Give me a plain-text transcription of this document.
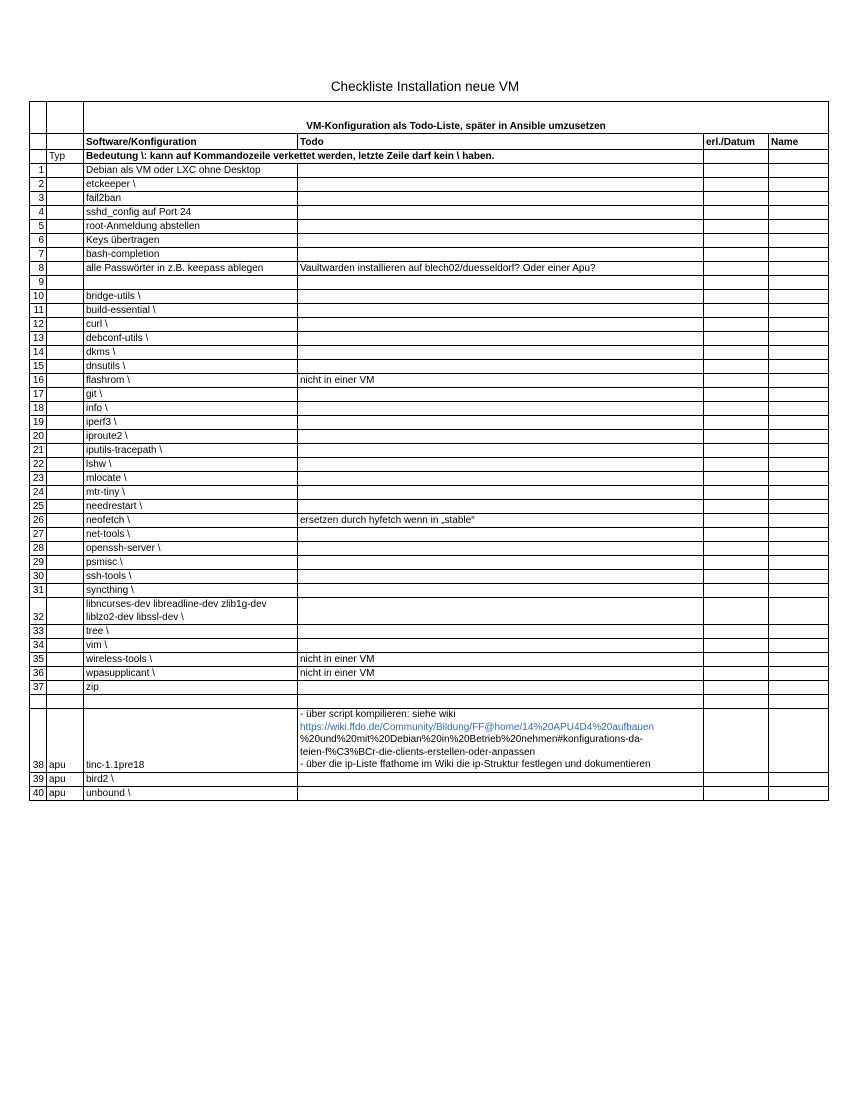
Checkliste Installation neue VM
		VM-Konfiguration als Todo-Liste, später in Ansible umzusetzen			
		Software/Konfiguration	Todo	erl./Datum	Name
	Typ	Bedeutung \: kann auf Kommandozeile verkettet werden, letzte Zeile darf kein \ haben.			
1		Debian als VM oder LXC ohne Desktop			
2		etckeeper \			
3		fail2ban			
4		sshd_config auf Port 24			
5		root-Anmeldung abstellen			
6		Keys übertragen			
7		bash-completion			
8		alle Passwörter in z.B. keepass ablegen	Vaultwarden installieren auf blech02/duesseldorf? Oder einer Apu?		
9					
10		bridge-utils \			
11		build-essential \			
12		curl \			
13		debconf-utils \			
14		dkms \			
15		dnsutils \			
16		flashrom \	nicht in einer VM		
17		git \			
18		info \			
19		iperf3 \			
20		iproute2 \			
21		iputils-tracepath \			
22		lshw \			
23		mlocate \			
24		mtr-tiny \			
25		needrestart \			
26		neofetch \	ersetzen durch hyfetch wenn in „stable“		
27		net-tools \			
28		openssh-server \			
29		psmisc \			
30		ssh-tools \			
31		syncthing \			
32		libncurses-dev libreadline-dev zlib1g-dev liblzo2-dev libssl-dev \			
33		tree \			
34		vim \			
35		wireless-tools \	nicht in einer VM		
36		wpasupplicant \	nicht in einer VM		
37		zip			

38	apu	tinc-1.1pre18	- über script kompilieren: siehe wiki
https://wiki.ffdo.de/Community/Bildung/FF@home/14%20APU4D4%20aufbauen
%20und%20mit%20Debian%20in%20Betrieb%20nehmen#konfigurations-da-
teien-f%C3%BCr-die-clients-erstellen-oder-anpassen
- über die ip-Liste ffathome im Wiki die ip-Struktur festlegen und dokumentieren		

39	apu	bird2 \			
40	apu	unbound \			
